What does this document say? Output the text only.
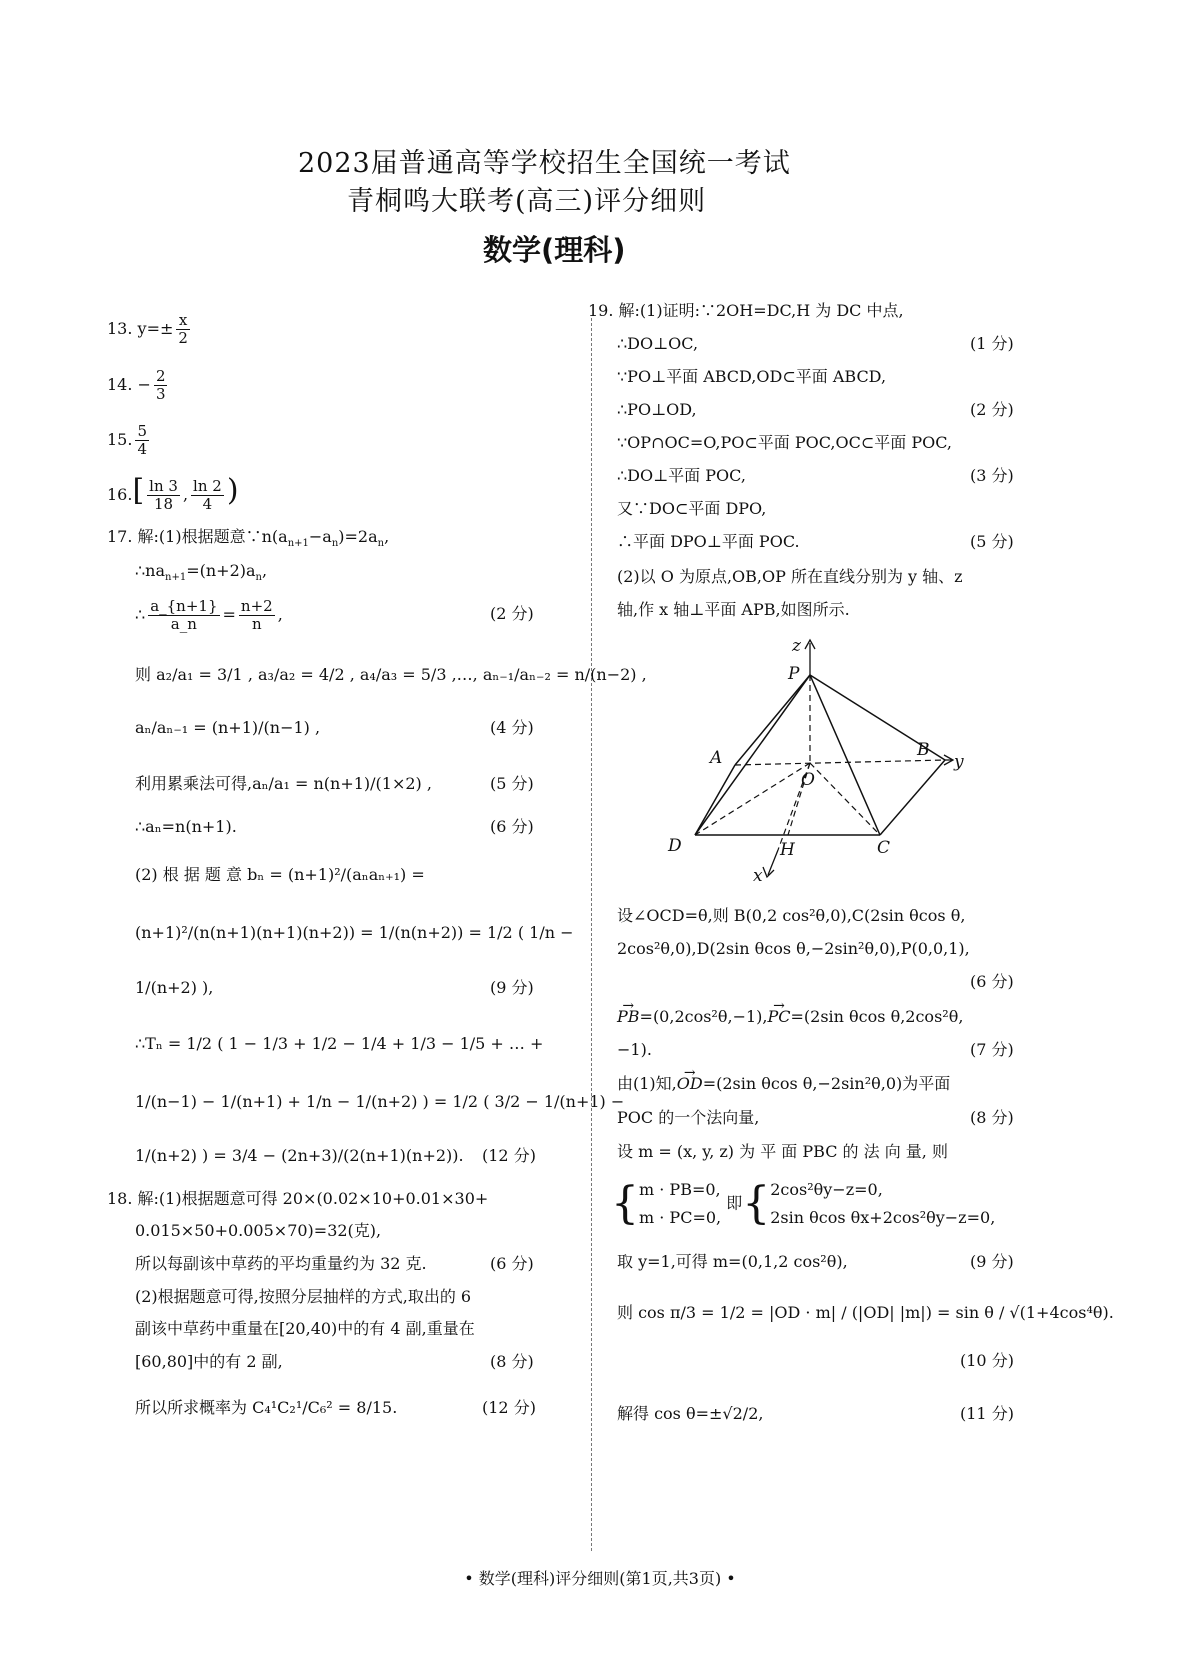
2023届普通高等学校招生全国统一考试
青桐鸣大联考(高三)评分细则
数学(理科)
13. $y=\pm \frac{x}{2}$
14. − $\frac{2}{3}$
15. $\frac{5}{4}$
$16.[ \frac{\ln 3}{18}$ , $\frac{\ln 2}{4}$ )
17. 解:(1)根据题意$\because n(a_{n+1}-a_n)=2a_n$,
$\therefore na_{n+1}=(n+2)a_n$,
∴ $\frac{a\_\{n+1\}}{a\_n} = \frac{n+2}{n}$ ,	(2 分)
则 a₂/a₁ = 3/1 , a₃/a₂ = 4/2 , a₄/a₃ = 5/3 ,…, aₙ₋₁/aₙ₋₂ = n/(n−2) ,
aₙ/aₙ₋₁ = (n+1)/(n−1) ,	(4 分)
利用累乘法可得,aₙ/a₁ = n(n+1)/(1×2) ,	(5 分)
∴aₙ=n(n+1).	(6 分)
(2) 根 据 题 意 bₙ = (n+1)²/(aₙaₙ₊₁) =
(n+1)²/(n(n+1)(n+1)(n+2)) = 1/(n(n+2)) = 1/2 ( 1/n −
1/(n+2) ),	(9 分)
∴Tₙ = 1/2 ( 1 − 1/3 + 1/2 − 1/4 + 1/3 − 1/5 + … +
1/(n−1) − 1/(n+1) + 1/n − 1/(n+2) ) = 1/2 ( 3/2 − 1/(n+1) −
1/(n+2) ) = 3/4 − (2n+3)/(2(n+1)(n+2)). (12 分)
18. 解:(1)根据题意可得 20×(0.02×10+0.01×30+
0.015×50+0.005×70)=32(克),
所以每副该中草药的平均重量约为 32 克.	(6 分)
(2)根据题意可得,按照分层抽样的方式,取出的 6
副该中草药中重量在[20,40)中的有 4 副,重量在
[60,80]中的有 2 副,	(8 分)
所以所求概率为 C₄¹C₂¹/C₆² = 8/15.	(12 分)
19. 解:(1)证明:∵2OH=DC,H 为 DC 中点,
∴DO⊥OC,	(1 分)
∵PO⊥平面 ABCD,OD⊂平面 ABCD,
∴PO⊥OD,	(2 分)
∵OP∩OC=O,PO⊂平面 POC,OC⊂平面 POC,
∴DO⊥平面 POC,	(3 分)
又∵DO⊂平面 DPO,
∴平面 DPO⊥平面 POC.	(5 分)
(2)以 O 为原点,OB,OP 所在直线分别为 y 轴、z
轴,作 x 轴⊥平面 APB,如图所示.
P
A	B
O
D	H	C
x
y
z
设∠OCD=θ,则 B(0,2 cos²θ,0),C(2sin θcos θ,
2cos²θ,0),D(2sin θcos θ,−2sin²θ,0),P(0,0,1),
(6 分)
→ PB=(0,2cos²θ,−1),→ PC=(2sin θcos θ,2cos²θ,
−1).	(7 分)
由(1)知,→ OD=(2sin θcos θ,−2sin²θ,0)为平面
POC 的一个法向量,	(8 分)
设 m = (x, y, z) 为 平 面 PBC 的 法 向 量, 则
{ m · PB=0,
m · PC=0,
即{ 2cos²θy−z=0,
2sin θcos θx+2cos²θy−z=0,
取 y=1,可得 m=(0,1,2 cos²θ),	(9 分)
则 cos π/3 = 1/2 = |OD · m| / (|OD| |m|) = sin θ / √(1+4cos⁴θ).
(10 分)
解得 cos θ=±√2/2,	(11 分)
• 数学(理科)评分细则(第1页,共3页) •
